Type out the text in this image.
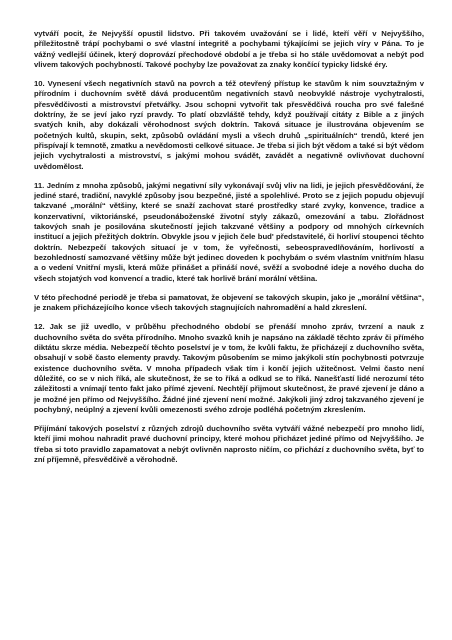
vytváří pocit, že Nejvyšší opustil lidstvo. Při takovém uvažování se i lidé, kteří věří v Nejvyššího, příležitostně trápí pochybami o své vlastní integritě a pochybami týkajícími se jejich víry v Pána. To je vážný vedlejší účinek, který doprovází přechodové období a je třeba si ho stále uvědomovat a nebýt pod vlivem takových pochybností. Takové pochyby lze považovat za znaky končící typicky lidské éry.

10. Vynesení všech negativních stavů na povrch a též otevřený přístup ke stavům k nim souvztažným v přírodním i duchovním světě dává producentům negativních stavů neobvyklé nástroje vychytralosti, přesvědčivosti a mistrovství přetvářky. Jsou schopni vytvořit tak přesvědčivá roucha pro své falešné doktríny, že se jeví jako ryzí pravdy. To platí obzvláště tehdy, když používají citáty z Bible a z jiných svatých knih, aby dokázali věrohodnost svých doktrín. Taková situace je ilustrována objevením se početných kultů, skupin, sekt, způsobů ovládání mysli a všech druhů „spirituálních“ trendů, které jen přispívají k temnotě, zmatku a nevědomosti celkové situace. Je třeba si jich být vědom a také si být vědom jejich vychytralosti a mistrovství, s jakými mohou svádět, zavádět a negativně ovlivňovat duchovní uvědomělost.

11. Jedním z mnoha způsobů, jakými negativní síly vykonávají svůj vliv na lidi, je jejich přesvědčování, že jediné staré, tradiční, navyklé způsoby jsou bezpečné, jisté a spolehlivé. Proto se z jejich popudu objevují takzvané „morální“ většiny, které se snaží zachovat staré prostředky staré zvyky, konvence, tradice a konzervativní, viktoriánské, pseudonáboženské životní styly zákazů, omezování a tabu. Zlořádnost takových snah je posilována skutečností jejich takzvané většiny a podpory od mnohých církevních institucí a jejich přežitých doktrín. Obvykle jsou v jejich čele bud' představitelé, či horliví stoupenci těchto doktrín. Nebezpečí takových situací je v tom, že vyřečnosti, sebeospravedlňováním, horlivostí a bezohledností samozvané většiny může být jedinec doveden k pochybám o svém vlastním vnitřním hlasu a o vedení Vnitřní mysli, která může přinášet a přináší nové, svěží a svobodné ideje a nového ducha do všech stojatých vod konvencí a tradic, které tak horlivě brání morální většina.

V této přechodné periodě je třeba si pamatovat, že objevení se takových skupin, jako je „morální většina“, je znakem přicházejícího konce všech takových stagnujících nahromadění a hald zkreslení.

12. Jak se již uvedlo, v průběhu přechodného období se přenáší mnoho zpráv, tvrzení a nauk z duchovního světa do světa přírodního. Mnoho svazků knih je napsáno na základě těchto zpráv či přímého diktátu skrze média. Nebezpečí těchto poselství je v tom, že kvůli faktu, že přicházejí z duchovního světa, obsahují v sobě často elementy pravdy. Takovým působením se mimo jakýkoli stín pochybnosti potvrzuje existence duchovního světa. V mnoha případech však tím i končí jejich užitečnost. Velmi často není důležité, co se v nich říká, ale skutečnost, že se to říká a odkud se to říká. Nanešťastí lidé nerozumí této záležitosti a vnímají tento fakt jako přímé zjevení. Nechtějí přijmout skutečnost, že pravé zjevení je dáno a je možné jen přímo od Nejvyššího. Žádné jiné zjevení není možné. Jakýkoli jiný zdroj takzvaného zjevení je pochybný, neúplný a zjevení kvůli omezenosti svého zdroje podléhá početným zkreslením.

Přijímání takových poselství z různých zdrojů duchovního světa vytváří vážné nebezpečí pro mnoho lidí, kteří jimi mohou nahradit pravé duchovní principy, které mohou přicházet jediné přímo od Nejvyššího. Je třeba si toto pravidlo zapamatovat a nebýt ovlivněn naprosto ničím, co přichází z duchovního světa, byť to zní příjemně, přesvědčivě a věrohodně.
